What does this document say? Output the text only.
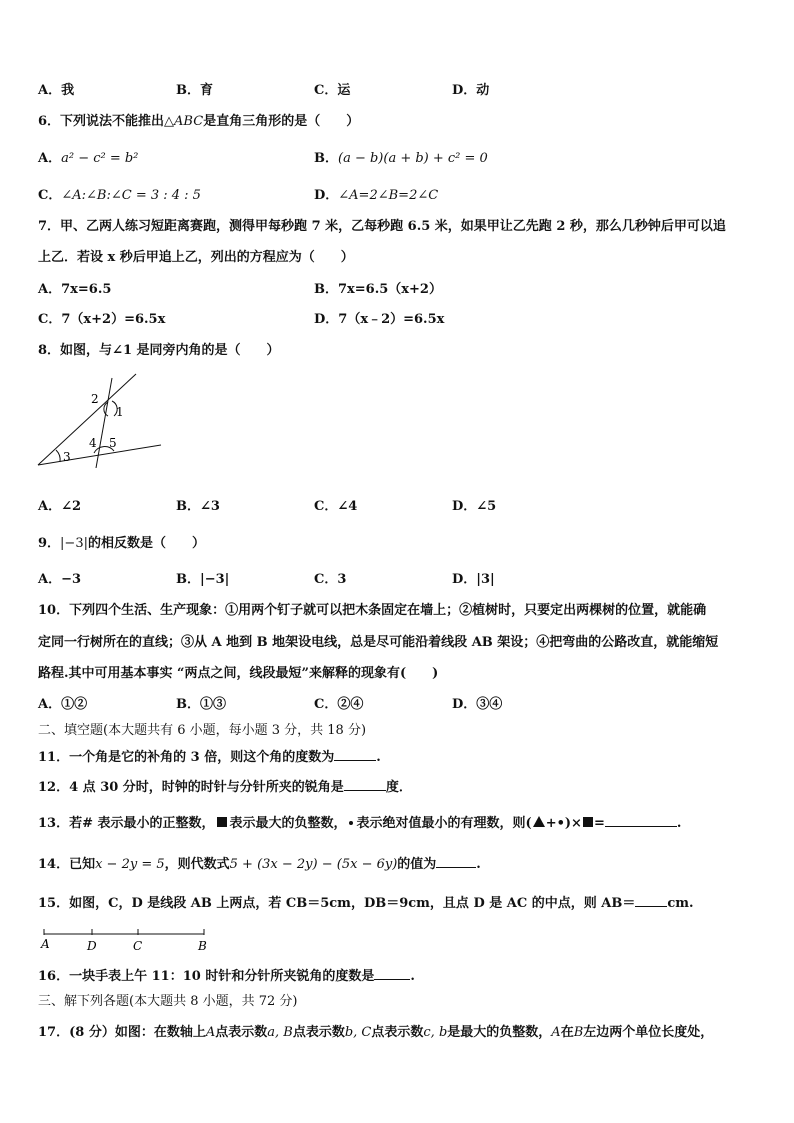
A．我	B．育	C．运	D．动
6．下列说法不能推出△ABC是直角三角形的是（　　）
A．a² − c² = b²	B．(a − b)(a + b) + c² = 0
C．∠A:∠B:∠C = 3 : 4 : 5	D．∠A=2∠B=2∠C
7．甲、乙两人练习短距离赛跑，测得甲每秒跑 7 米，乙每秒跑 6.5 米，如果甲让乙先跑 2 秒，那么几秒钟后甲可以追
上乙．若设 x 秒后甲追上乙，列出的方程应为（　　）
A．7x=6.5	B．7x=6.5（x+2）
C．7（x+2）=6.5x	D．7（x﹣2）=6.5x
8．如图，与∠1 是同旁内角的是（　　）
2
1
4 5
3
A．∠2	B．∠3	C．∠4	D．∠5
9．|−3|的相反数是（　　）
A．−3	B．|−3|	C．3	D．|3|
10．下列四个生活、生产现象：①用两个钉子就可以把木条固定在墙上；②植树时，只要定出两棵树的位置，就能确
定同一行树所在的直线；③从 A 地到 B 地架设电线，总是尽可能沿着线段 AB 架设；④把弯曲的公路改直，就能缩短
路程.其中可用基本事实 “两点之间，线段最短”来解释的现象有(　　)
A．①②	B．①③	C．②④	D．③④
二、填空题(本大题共有 6 小题，每小题 3 分，共 18 分)
11．一个角是它的补角的 3 倍，则这个角的度数为	.
12．4 点 30 分时，时钟的时针与分针所夹的锐角是	度．
13．若# 表示最小的正整数， 表示最大的负整数， 表示绝对值最小的有理数，则( +•)× =	.
14．已知x − 2y = 5，则代数式5 + (3x − 2y) − (5x − 6y)的值为	.
15．如图，C，D 是线段 AB 上两点，若 CB＝5cm，DB＝9cm，且点 D 是 AC 的中点，则 AB＝ cm.
A	D	C	B
16．一块手表上午 11：10 时针和分针所夹锐角的度数是	.
三、解下列各题(本大题共 8 小题，共 72 分)
17．(8 分）如图：在数轴上A点表示数a, B点表示数b, C点表示数c, b是最大的负整数，A在B左边两个单位长度处，
